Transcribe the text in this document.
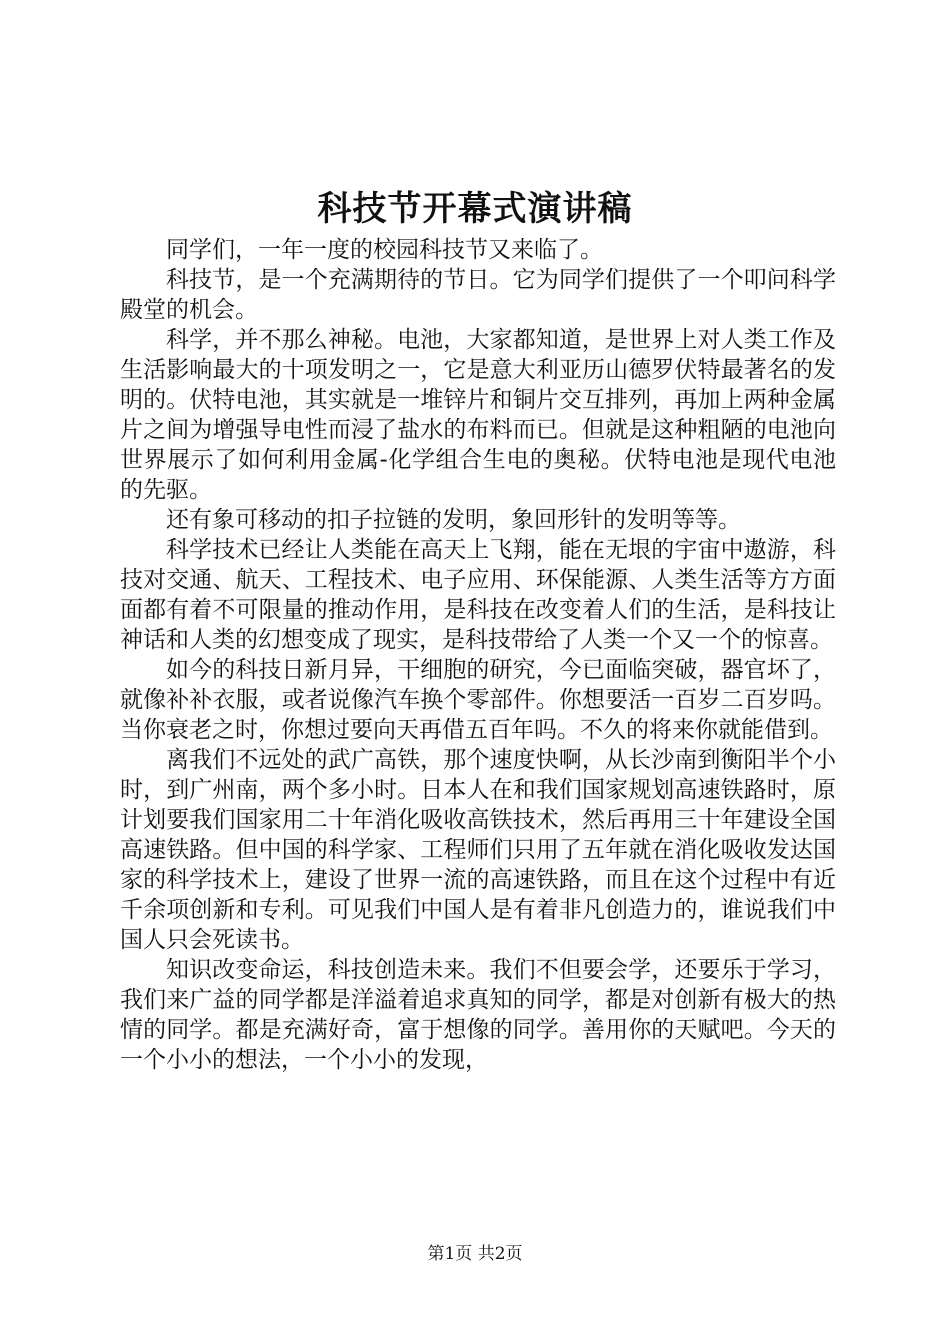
科技节开幕式演讲稿

同学们，一年一度的校园科技节又来临了。

科技节，是一个充满期待的节日。它为同学们提供了一个叩问科学殿堂的机会。

科学，并不那么神秘。电池，大家都知道，是世界上对人类工作及生活影响最大的十项发明之一，它是意大利亚历山德罗伏特最著名的发明的。伏特电池，其实就是一堆锌片和铜片交互排列，再加上两种金属片之间为增强导电性而浸了盐水的布料而已。但就是这种粗陋的电池向世界展示了如何利用金属-化学组合生电的奥秘。伏特电池是现代电池的先驱。

还有象可移动的扣子拉链的发明，象回形针的发明等等。

科学技术已经让人类能在高天上飞翔，能在无垠的宇宙中遨游，科技对交通、航天、工程技术、电子应用、环保能源、人类生活等方方面面都有着不可限量的推动作用，是科技在改变着人们的生活，是科技让神话和人类的幻想变成了现实，是科技带给了人类一个又一个的惊喜。

如今的科技日新月异，干细胞的研究，今已面临突破，器官坏了，就像补补衣服，或者说像汽车换个零部件。你想要活一百岁二百岁吗。当你衰老之时，你想过要向天再借五百年吗。不久的将来你就能借到。

离我们不远处的武广高铁，那个速度快啊，从长沙南到衡阳半个小时，到广州南，两个多小时。日本人在和我们国家规划高速铁路时，原计划要我们国家用二十年消化吸收高铁技术，然后再用三十年建设全国高速铁路。但中国的科学家、工程师们只用了五年就在消化吸收发达国家的科学技术上，建设了世界一流的高速铁路，而且在这个过程中有近千余项创新和专利。可见我们中国人是有着非凡创造力的，谁说我们中国人只会死读书。

知识改变命运，科技创造未来。我们不但要会学，还要乐于学习，我们来广益的同学都是洋溢着追求真知的同学，都是对创新有极大的热情的同学。都是充满好奇，富于想像的同学。善用你的天赋吧。今天的一个小小的想法，一个小小的发现，

第1页 共2页
